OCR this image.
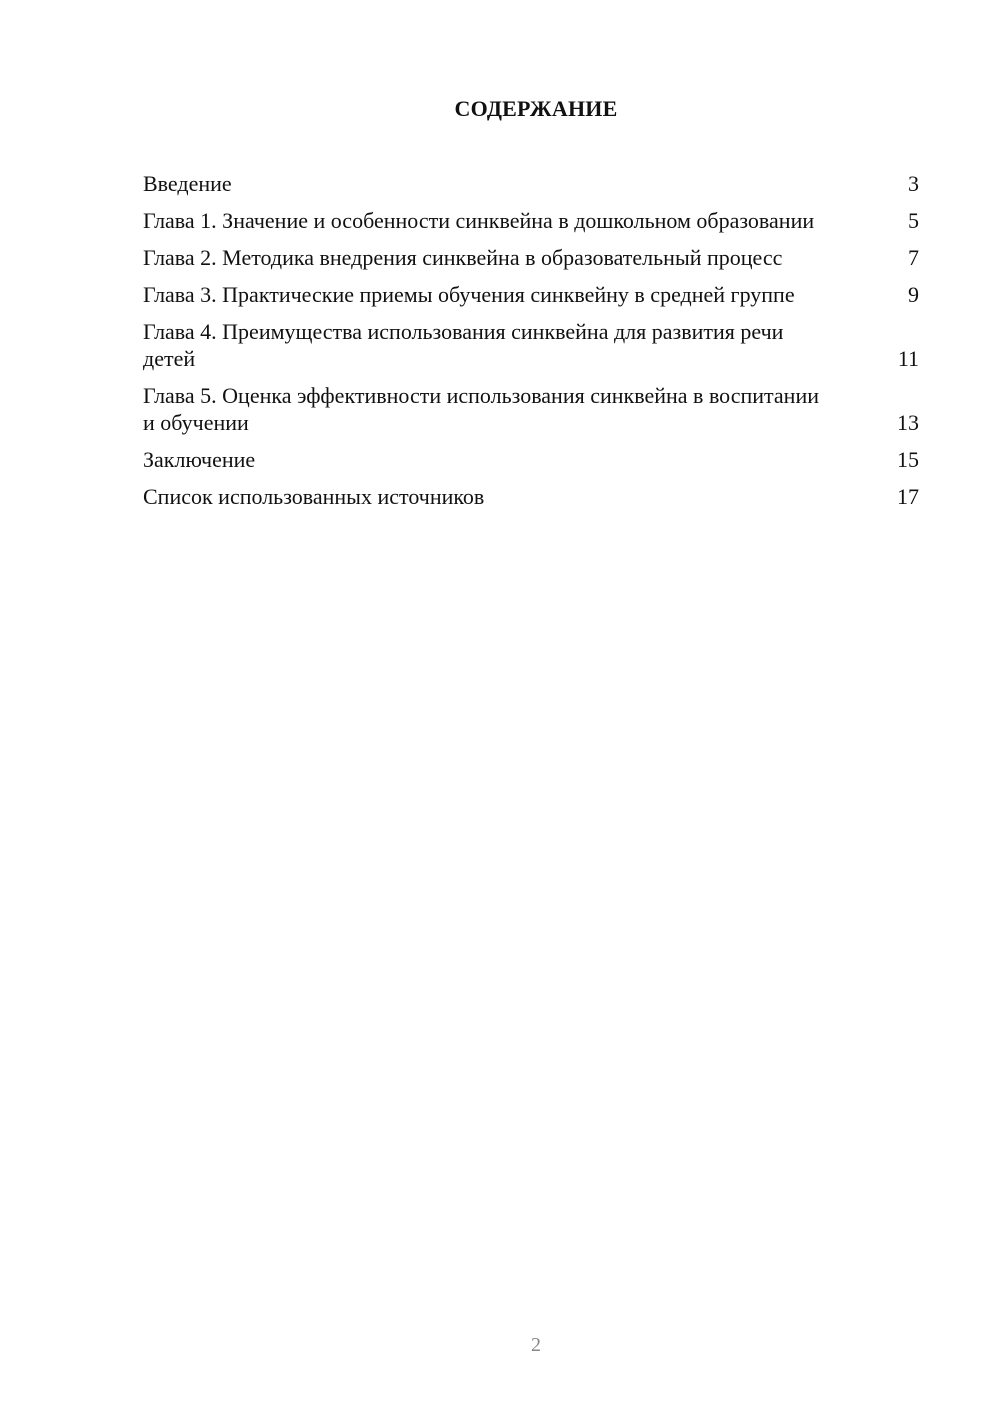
СОДЕРЖАНИЕ
Введение	3
Глава 1. Значение и особенности синквейна в дошкольном образовании	5
Глава 2. Методика внедрения синквейна в образовательный процесс	7
Глава 3. Практические приемы обучения синквейну в средней группе	9
Глава 4. Преимущества использования синквейна для развития речи детей	11
Глава 5. Оценка эффективности использования синквейна в воспитании и обучении	13
Заключение	15
Список использованных источников	17
2
